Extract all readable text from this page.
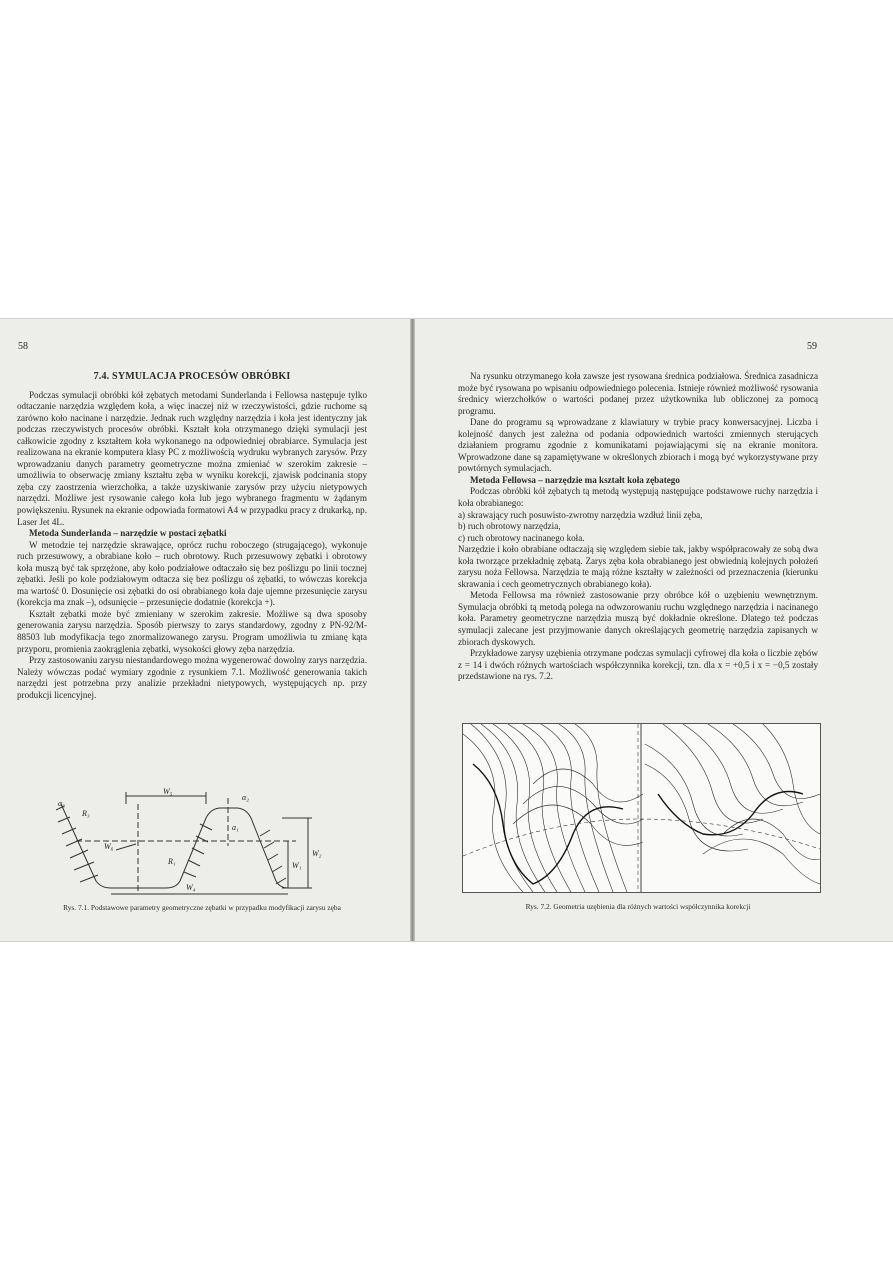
58
7.4. SYMULACJA PROCESÓW OBRÓBKI

Podczas symulacji obróbki kół zębatych metodami Sunderlanda i Fellowsa następuje tylko odtaczanie narzędzia względem koła, a więc inaczej niż w rzeczywistości, gdzie ruchome są zarówno koło nacinane i narzędzie. Jednak ruch względny narzędzia i koła jest identyczny jak podczas rzeczywistych procesów obróbki. Kształt koła otrzymanego dzięki symulacji jest całkowicie zgodny z kształtem koła wykonanego na odpowiedniej obrabiarce. Symulacja jest realizowana na ekranie komputera klasy PC z możliwością wydruku wybranych zarysów. Przy wprowadzaniu danych parametry geometryczne można zmieniać w szerokim zakresie – umożliwia to obserwację zmiany kształtu zęba w wyniku korekcji, zjawisk podcinania stopy zęba czy zaostrzenia wierzchołka, a także uzyskiwanie zarysów przy użyciu nietypowych narzędzi. Możliwe jest rysowanie całego koła lub jego wybranego fragmentu w żądanym powiększeniu. Rysunek na ekranie odpowiada formatowi A4 w przypadku pracy z drukarką, np. Laser Jet 4L.

Metoda Sunderlanda – narzędzie w postaci zębatki

W metodzie tej narzędzie skrawające, oprócz ruchu roboczego (strugającego), wykonuje ruch przesuwowy, a obrabiane koło – ruch obrotowy. Ruch przesuwowy zębatki i obrotowy koła muszą być tak sprzężone, aby koło podziałowe odtaczało się bez poślizgu po linii tocznej zębatki. Jeśli po kole podziałowym odtacza się bez poślizgu oś zębatki, to wówczas korekcja ma wartość 0. Dosunięcie osi zębatki do osi obrabianego koła daje ujemne przesunięcie zarysu (korekcja ma znak –), odsunięcie – przesunięcie dodatnie (korekcja +).

Kształt zębatki może być zmieniany w szerokim zakresie. Możliwe są dwa sposoby generowania zarysu narzędzia. Sposób pierwszy to zarys standardowy, zgodny z PN-92/M-88503 lub modyfikacja tego znormalizowanego zarysu. Program umożliwia tu zmianę kąta przyporu, promienia zaokrąglenia zębatki, wysokości głowy zęba narzędzia.

Przy zastosowaniu zarysu niestandardowego można wygenerować dowolny zarys narzędzia. Należy wówczas podać wymiary zgodnie z rysunkiem 7.1. Możliwość generowania takich narzędzi jest potrzebna przy analizie przekładni nietypowych, występujących np. przy produkcji licencyjnej.

W₅
α₃
R₃
α₂
W₆
R₁
a₁
W₁
W₂
W₄
Rys. 7.1. Podstawowe parametry geometryczne zębatki w przypadku modyfikacji zarysu zęba
59

Na rysunku otrzymanego koła zawsze jest rysowana średnica podziałowa. Średnica zasadnicza może być rysowana po wpisaniu odpowiedniego polecenia. Istnieje również możliwość rysowania średnicy wierzchołków o wartości podanej przez użytkownika lub obliczonej za pomocą programu.

Dane do programu są wprowadzane z klawiatury w trybie pracy konwersacyjnej. Liczba i kolejność danych jest zależna od podania odpowiednich wartości zmiennych sterujących działaniem programu zgodnie z komunikatami pojawiającymi się na ekranie monitora. Wprowadzone dane są zapamiętywane w określonych zbiorach i mogą być wykorzystywane przy powtórnych symulacjach.

Metoda Fellowsa – narzędzie ma kształt koła zębatego

Podczas obróbki kół zębatych tą metodą występują następujące podstawowe ruchy narzędzia i koła obrabianego:

a) skrawający ruch posuwisto-zwrotny narzędzia wzdłuż linii zęba,
b) ruch obrotowy narzędzia,
c) ruch obrotowy nacinanego koła.

Narzędzie i koło obrabiane odtaczają się względem siebie tak, jakby współpracowały ze sobą dwa koła tworzące przekładnię zębatą. Zarys zęba koła obrabianego jest obwiednią kolejnych położeń zarysu noża Fellowsa. Narzędzia te mają różne kształty w zależności od przeznaczenia (kierunku skrawania i cech geometrycznych obrabianego koła).

Metoda Fellowsa ma również zastosowanie przy obróbce kół o uzębieniu wewnętrznym. Symulacja obróbki tą metodą polega na odwzorowaniu ruchu względnego narzędzia i nacinanego koła. Parametry geometryczne narzędzia muszą być dokładnie określone. Dlatego też podczas symulacji zalecane jest przyjmowanie danych określających geometrię narzędzia zapisanych w zbiorach dyskowych.

Przykładowe zarysy uzębienia otrzymane podczas symulacji cyfrowej dla koła o liczbie zębów z = 14 i dwóch różnych wartościach współczynnika korekcji, tzn. dla x = +0,5 i x = −0,5 zostały przedstawione na rys. 7.2.

Rys. 7.2. Geometria uzębienia dla różnych wartości współczynnika korekcji
